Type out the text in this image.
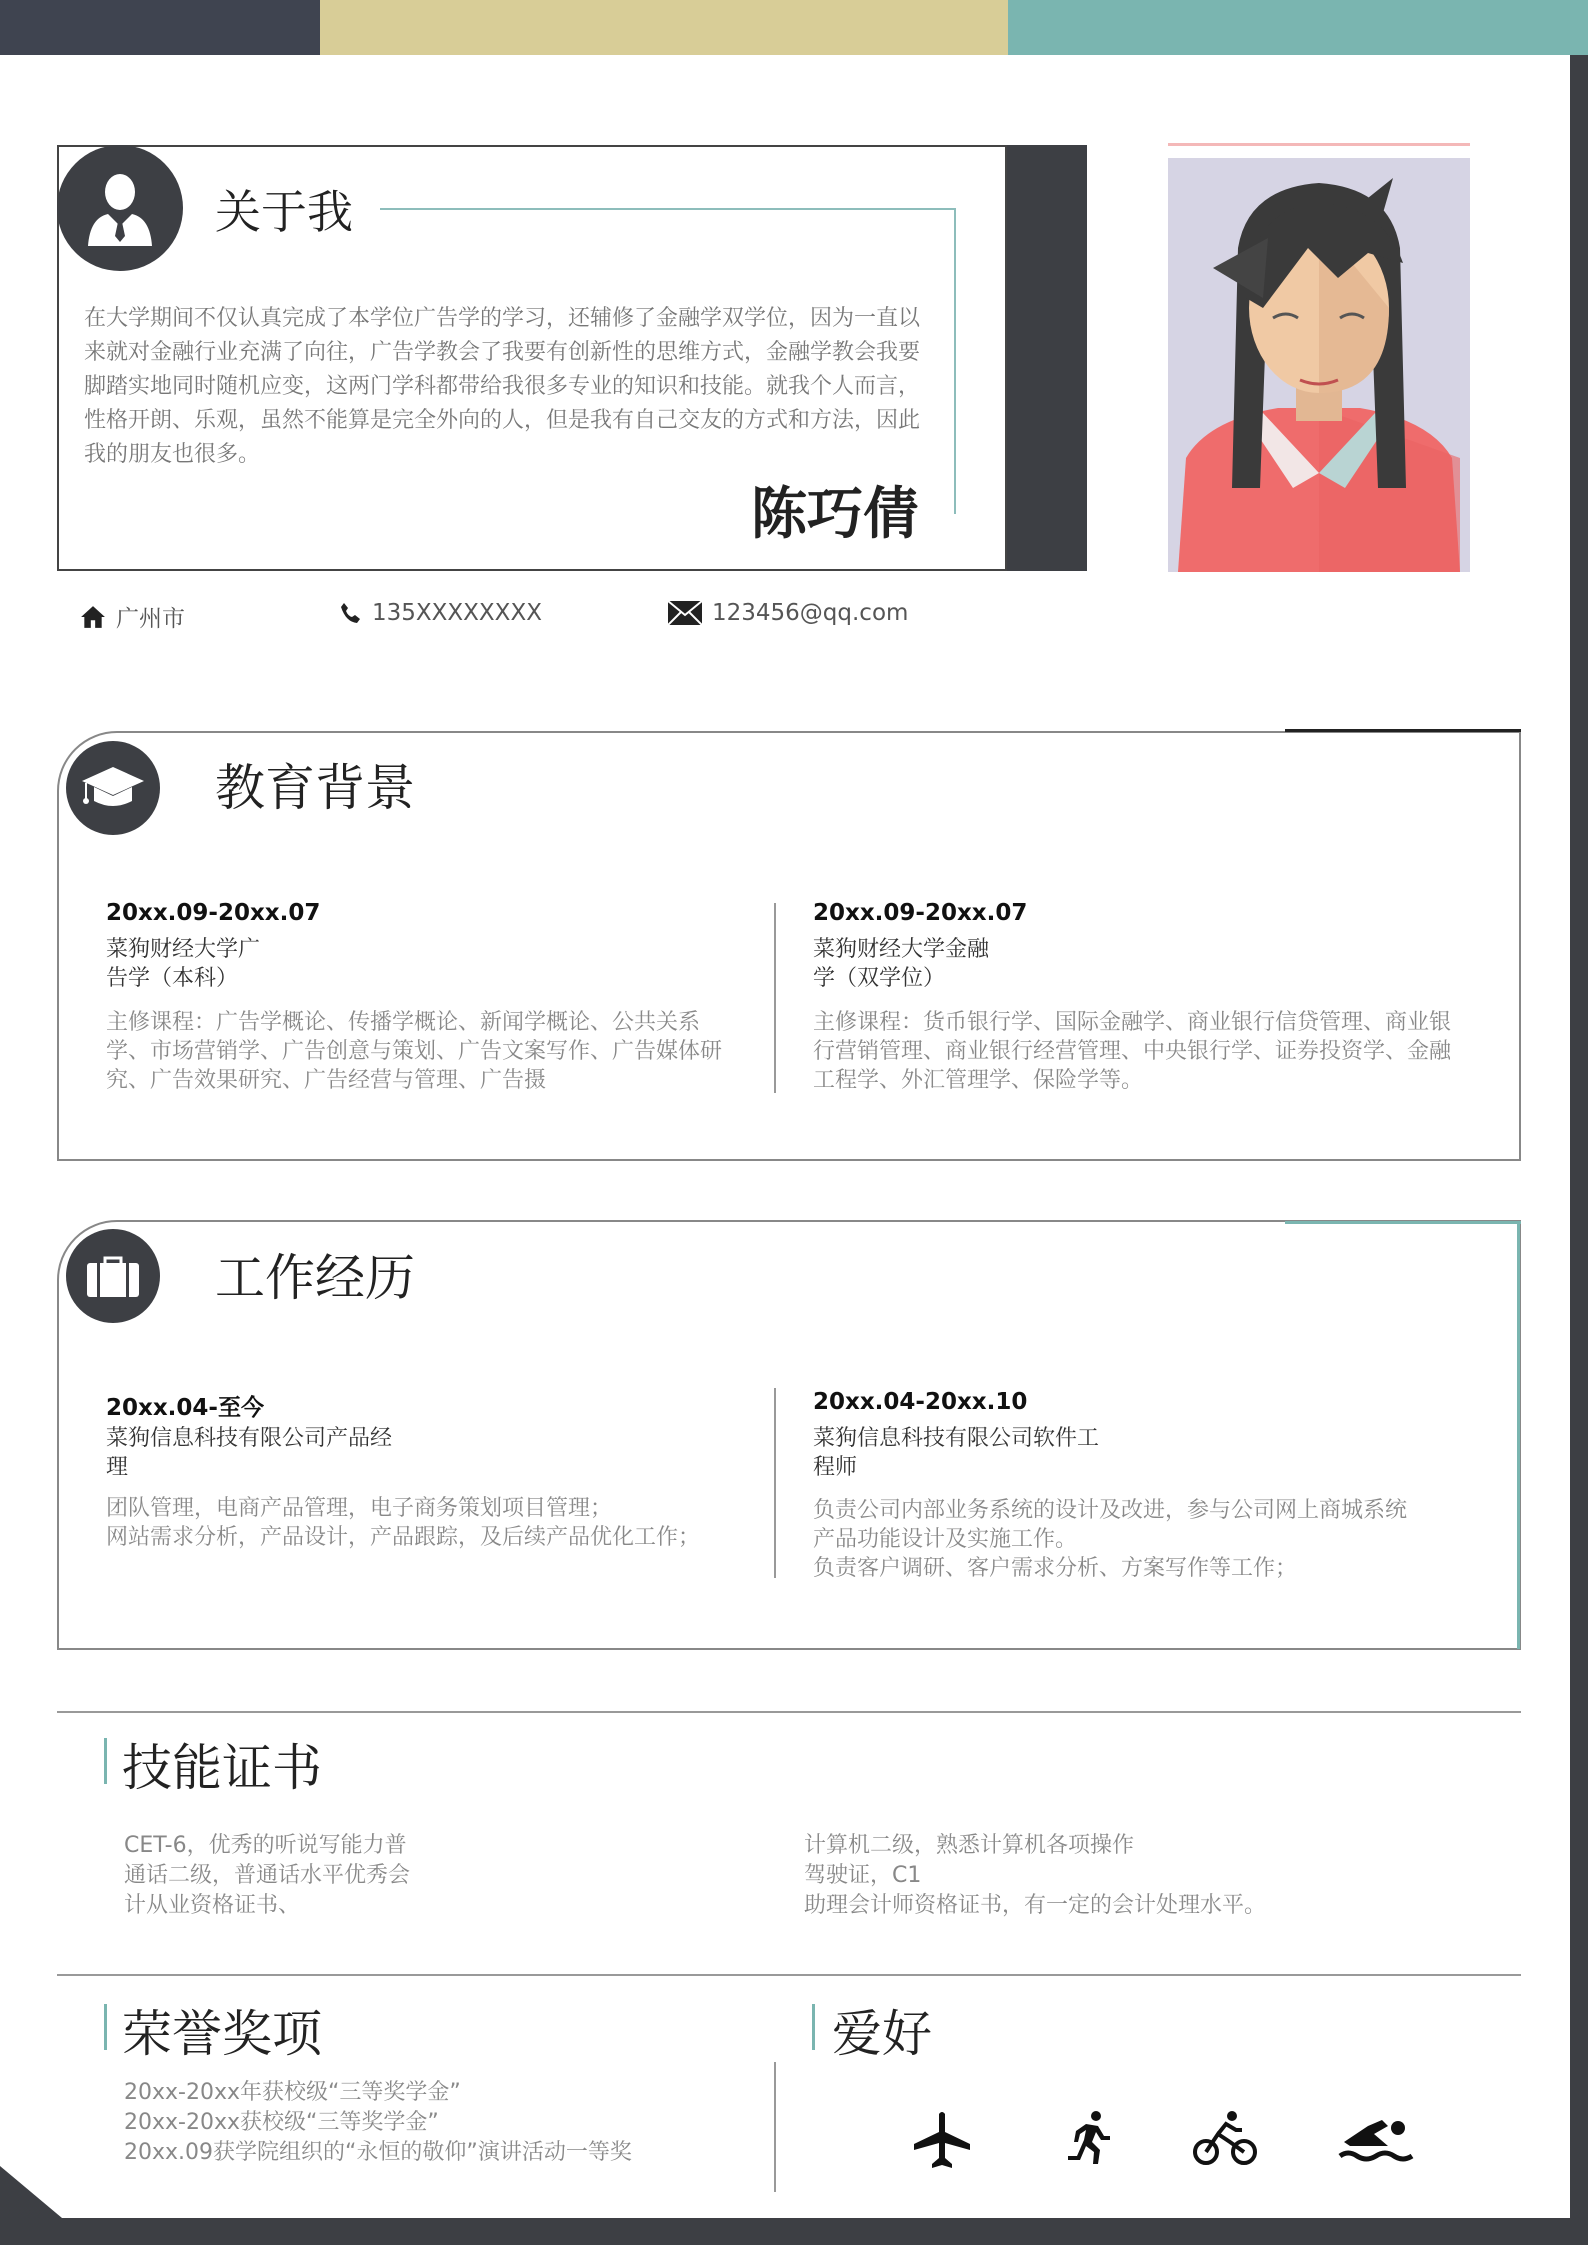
关于我
在大学期间不仅认真完成了本学位广告学的学习，还辅修了金融学双学位，因为一直以来就对金融行业充满了向往，广告学教会了我要有创新性的思维方式，金融学教会我要脚踏实地同时随机应变，这两门学科都带给我很多专业的知识和技能。就我个人而言，性格开朗、乐观，虽然不能算是完全外向的人，但是我有自己交友的方式和方法，因此我的朋友也很多。
陈巧倩
广州市	135XXXXXXXX	123456@qq.com
教育背景
20xx.09-20xx.07
菜狗财经大学广
告学（本科）
主修课程：广告学概论、传播学概论、新闻学概论、公共关系学、市场营销学、广告创意与策划、广告文案写作、广告媒体研究、广告效果研究、广告经营与管理、广告摄
20xx.09-20xx.07
菜狗财经大学金融
学（双学位）
主修课程：货币银行学、国际金融学、商业银行信贷管理、商业银行营销管理、商业银行经营管理、中央银行学、证券投资学、金融工程学、外汇管理学、保险学等。
工作经历
20xx.04-至今
菜狗信息科技有限公司产品经
理
团队管理，电商产品管理，电子商务策划项目管理；
网站需求分析，产品设计，产品跟踪，及后续产品优化工作；
20xx.04-20xx.10
菜狗信息科技有限公司软件工
程师
负责公司内部业务系统的设计及改进，参与公司网上商城系统产品功能设计及实施工作。
负责客户调研、客户需求分析、方案写作等工作；
技能证书
CET-6，优秀的听说写能力普
通话二级，普通话水平优秀会
计从业资格证书、
计算机二级，熟悉计算机各项操作
驾驶证，C1
助理会计师资格证书，有一定的会计处理水平。
荣誉奖项
20xx-20xx年获校级“三等奖学金”
20xx-20xx获校级“三等奖学金”
20xx.09获学院组织的“永恒的敬仰”演讲活动一等奖
爱好
